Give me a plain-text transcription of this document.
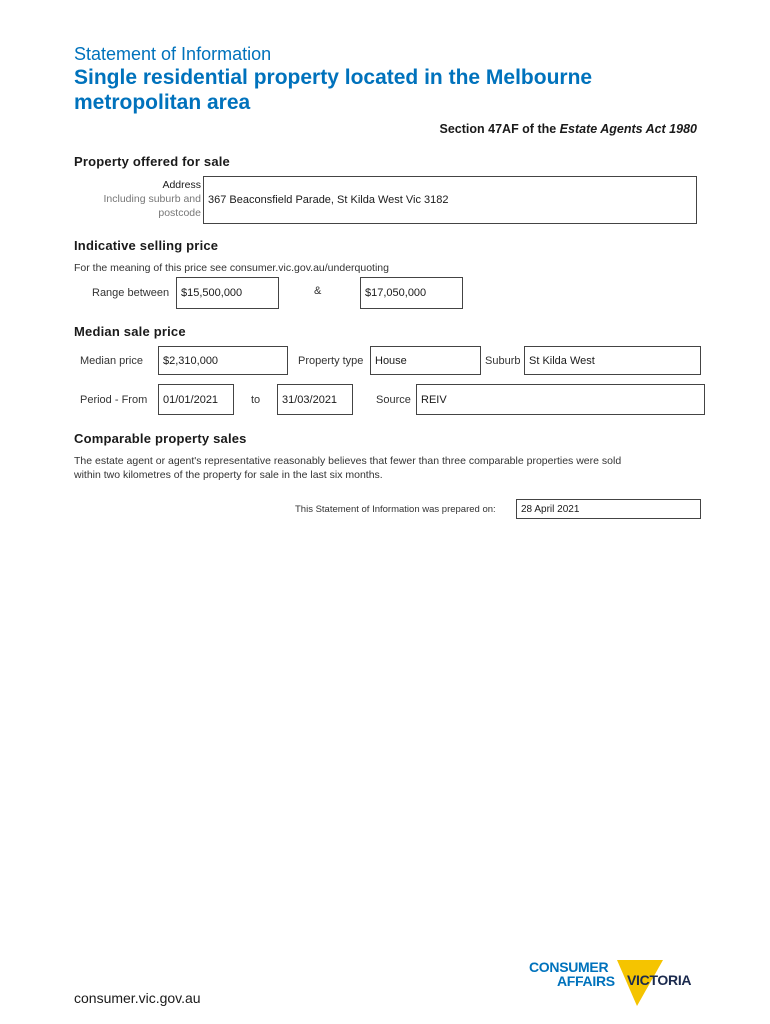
Statement of Information
Single residential property located in the Melbourne metropolitan area
Section 47AF of the Estate Agents Act 1980
Property offered for sale
Address
Including suburb and
postcode
367 Beaconsfield Parade, St Kilda West Vic 3182
Indicative selling price
For the meaning of this price see consumer.vic.gov.au/underquoting
Range between $15,500,000	&	$17,050,000
Median sale price
Median price $2,310,000	Property type House	Suburb St Kilda West
Period - From 01/01/2021	to 31/03/2021	Source REIV
Comparable property sales
The estate agent or agent's representative reasonably believes that fewer than three comparable properties were sold
within two kilometres of the property for sale in the last six months.
This Statement of Information was prepared on:	28 April 2021
consumer.vic.gov.au
CONSUMER
AFFAIRS VICTORIA
